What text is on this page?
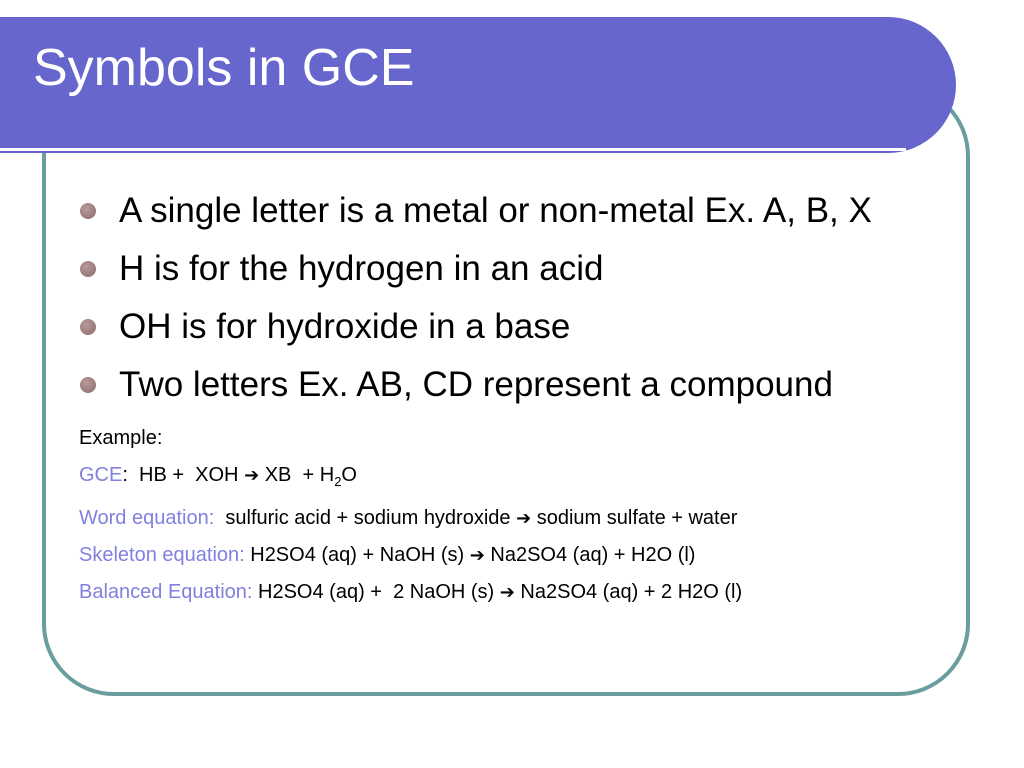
Symbols in GCE
A single letter is a metal or non-metal Ex. A, B, X
H is for the hydrogen in an acid
OH is for hydroxide in a base
Two letters Ex. AB, CD represent a compound
Example:
GCE:  HB +  XOH ➔ XB  + $H_2O$
Word equation:  sulfuric acid + sodium hydroxide ➔ sodium sulfate + water
Skeleton equation: H2SO4 (aq) + NaOH (s) ➔ Na2SO4 (aq) + H2O (l)
Balanced Equation: H2SO4 (aq) +  2 NaOH (s) ➔ Na2SO4 (aq) + 2 H2O (l)
